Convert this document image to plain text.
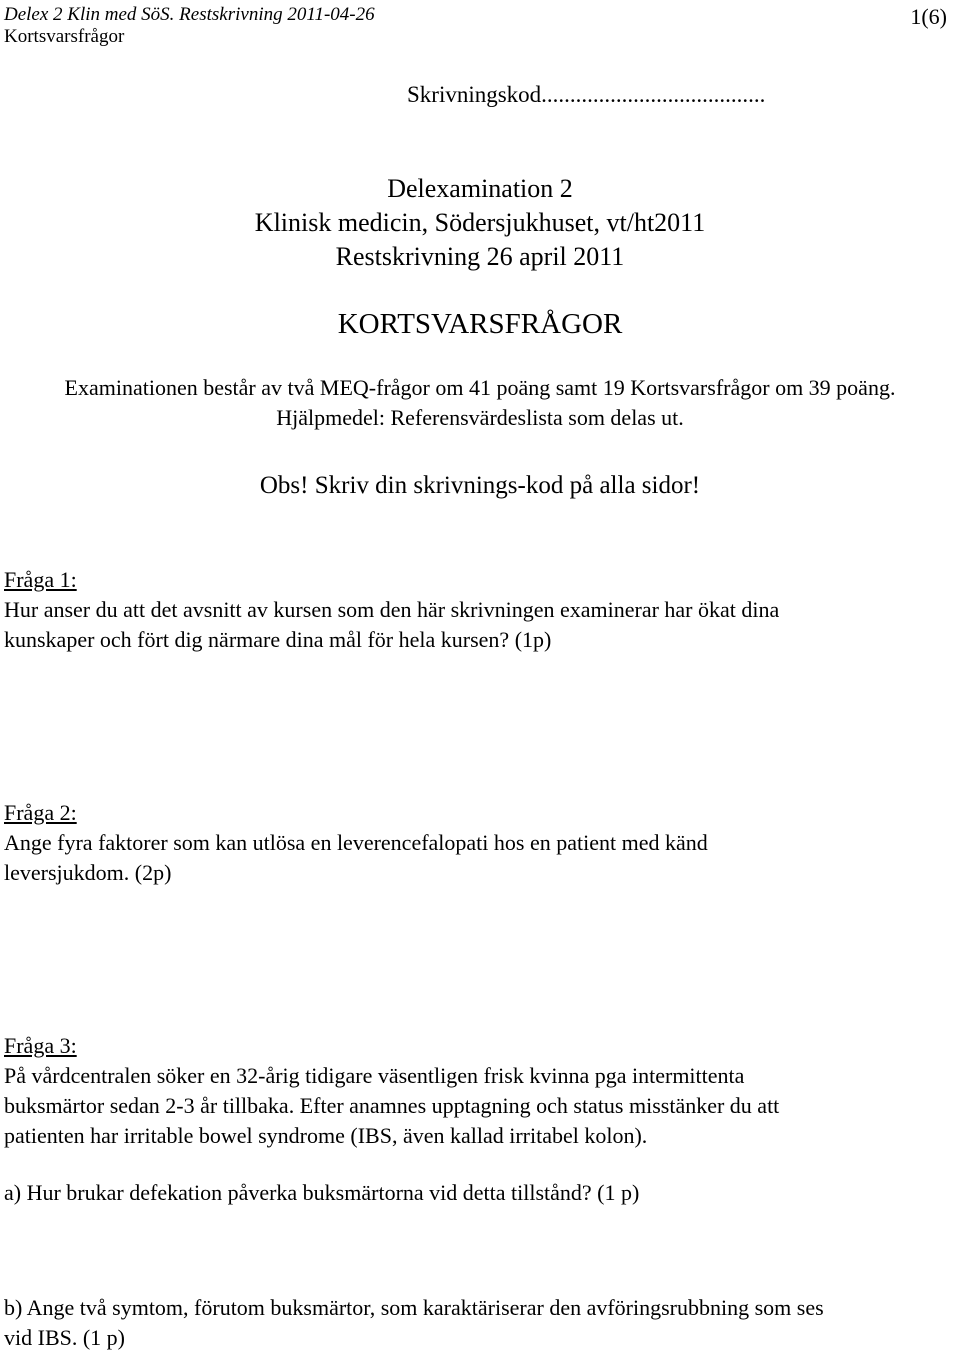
Delex 2 Klin med SöS. Restskrivning 2011-04-26
Kortsvarsfrågor
1(6)
Skrivningskod.......................................
Delexamination 2
Klinisk medicin, Södersjukhuset, vt/ht2011
Restskrivning 26 april 2011
KORTSVARSFRÅGOR
Examinationen består av två MEQ-frågor om 41 poäng samt 19 Kortsvarsfrågor om 39 poäng.
Hjälpmedel: Referensvärdeslista som delas ut.
Obs! Skriv din skrivnings-kod på alla sidor!
Fråga 1:
Hur anser du att det avsnitt av kursen som den här skrivningen examinerar har ökat dina
kunskaper och fört dig närmare dina mål för hela kursen? (1p)
Fråga 2:
Ange fyra faktorer som kan utlösa en leverencefalopati hos en patient med känd
leversjukdom. (2p)
Fråga 3:
På vårdcentralen söker en 32-årig tidigare väsentligen frisk kvinna pga intermittenta
buksmärtor sedan 2-3 år tillbaka. Efter anamnes upptagning och status misstänker du att
patienten har irritable bowel syndrome (IBS, även kallad irritabel kolon).
a) Hur brukar defekation påverka buksmärtorna vid detta tillstånd? (1 p)
b) Ange två symtom, förutom buksmärtor, som karaktäriserar den avföringsrubbning som ses
vid IBS. (1 p)
